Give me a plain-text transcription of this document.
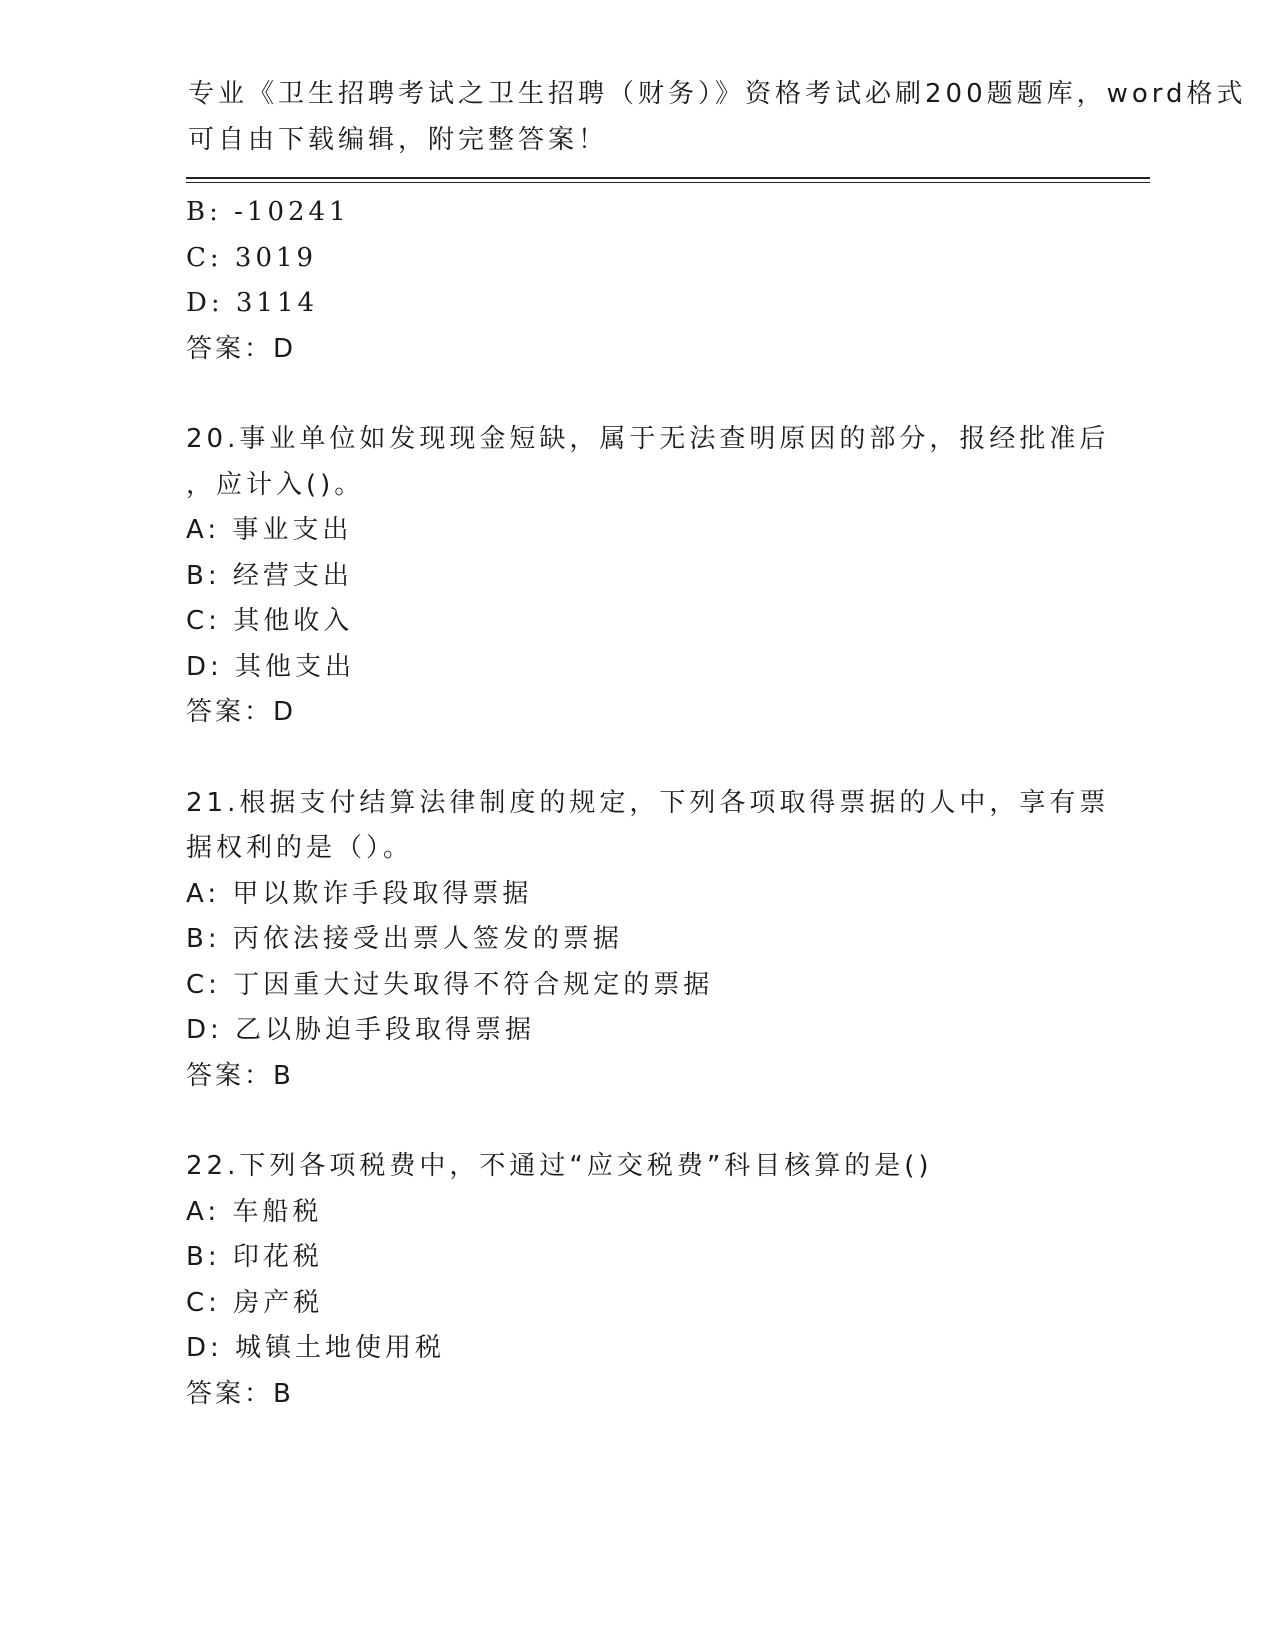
专业《卫生招聘考试之卫生招聘（财务）》资格考试必刷200题题库，word格式
可自由下载编辑，附完整答案！
B: -10241
C: 3019
D: 3114
答案：D
20.事业单位如发现现金短缺，属于无法查明原因的部分，报经批准后
，应计入()。
A: 事业支出
B: 经营支出
C: 其他收入
D: 其他支出
答案：D
21.根据支付结算法律制度的规定，下列各项取得票据的人中，享有票
据权利的是（）。
A: 甲以欺诈手段取得票据
B: 丙依法接受出票人签发的票据
C: 丁因重大过失取得不符合规定的票据
D: 乙以胁迫手段取得票据
答案：B
22.下列各项税费中，不通过“应交税费”科目核算的是()
A: 车船税
B: 印花税
C: 房产税
D: 城镇土地使用税
答案：B
